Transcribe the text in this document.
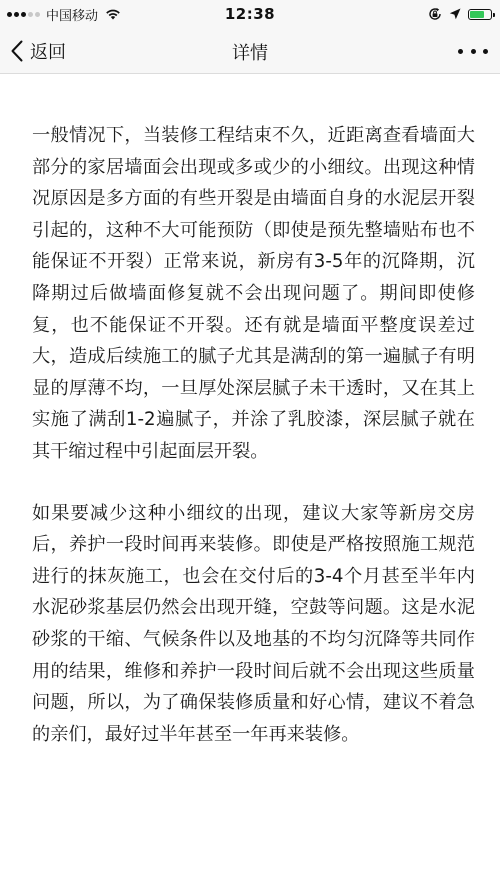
中国移动	12:38
返回	详情

一般情况下，当装修工程结束不久，近距离查看墙面大部分的家居墙面会出现或多或少的小细纹。出现这种情况原因是多方面的有些开裂是由墙面自身的水泥层开裂引起的，这种不大可能预防（即使是预先整墙贴布也不能保证不开裂）正常来说，新房有3-5年的沉降期，沉降期过后做墙面修复就不会出现问题了。期间即使修复，也不能保证不开裂。还有就是墙面平整度误差过大，造成后续施工的腻子尤其是满刮的第一遍腻子有明显的厚薄不均，一旦厚处深层腻子未干透时，又在其上实施了满刮1-2遍腻子，并涂了乳胶漆，深层腻子就在其干缩过程中引起面层开裂。

如果要减少这种小细纹的出现，建议大家等新房交房后，养护一段时间再来装修。即使是严格按照施工规范进行的抹灰施工，也会在交付后的3-4个月甚至半年内水泥砂浆基层仍然会出现开缝，空鼓等问题。这是水泥砂浆的干缩、气候条件以及地基的不均匀沉降等共同作用的结果，维修和养护一段时间后就不会出现这些质量问题，所以，为了确保装修质量和好心情，建议不着急的亲们，最好过半年甚至一年再来装修。
